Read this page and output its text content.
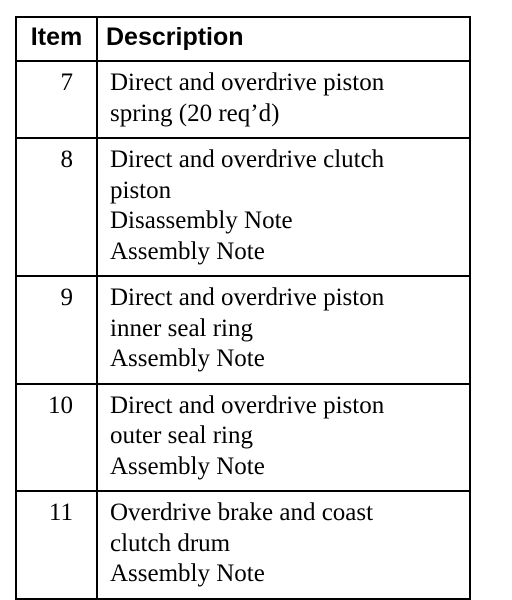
Item	Description
7	Direct and overdrive piston
spring (20 req’d)

8	Direct and overdrive clutch
piston
Disassembly Note
Assembly Note

9	Direct and overdrive piston
inner seal ring
Assembly Note

10	Direct and overdrive piston
outer seal ring
Assembly Note

11	Overdrive brake and coast
clutch drum
Assembly Note
